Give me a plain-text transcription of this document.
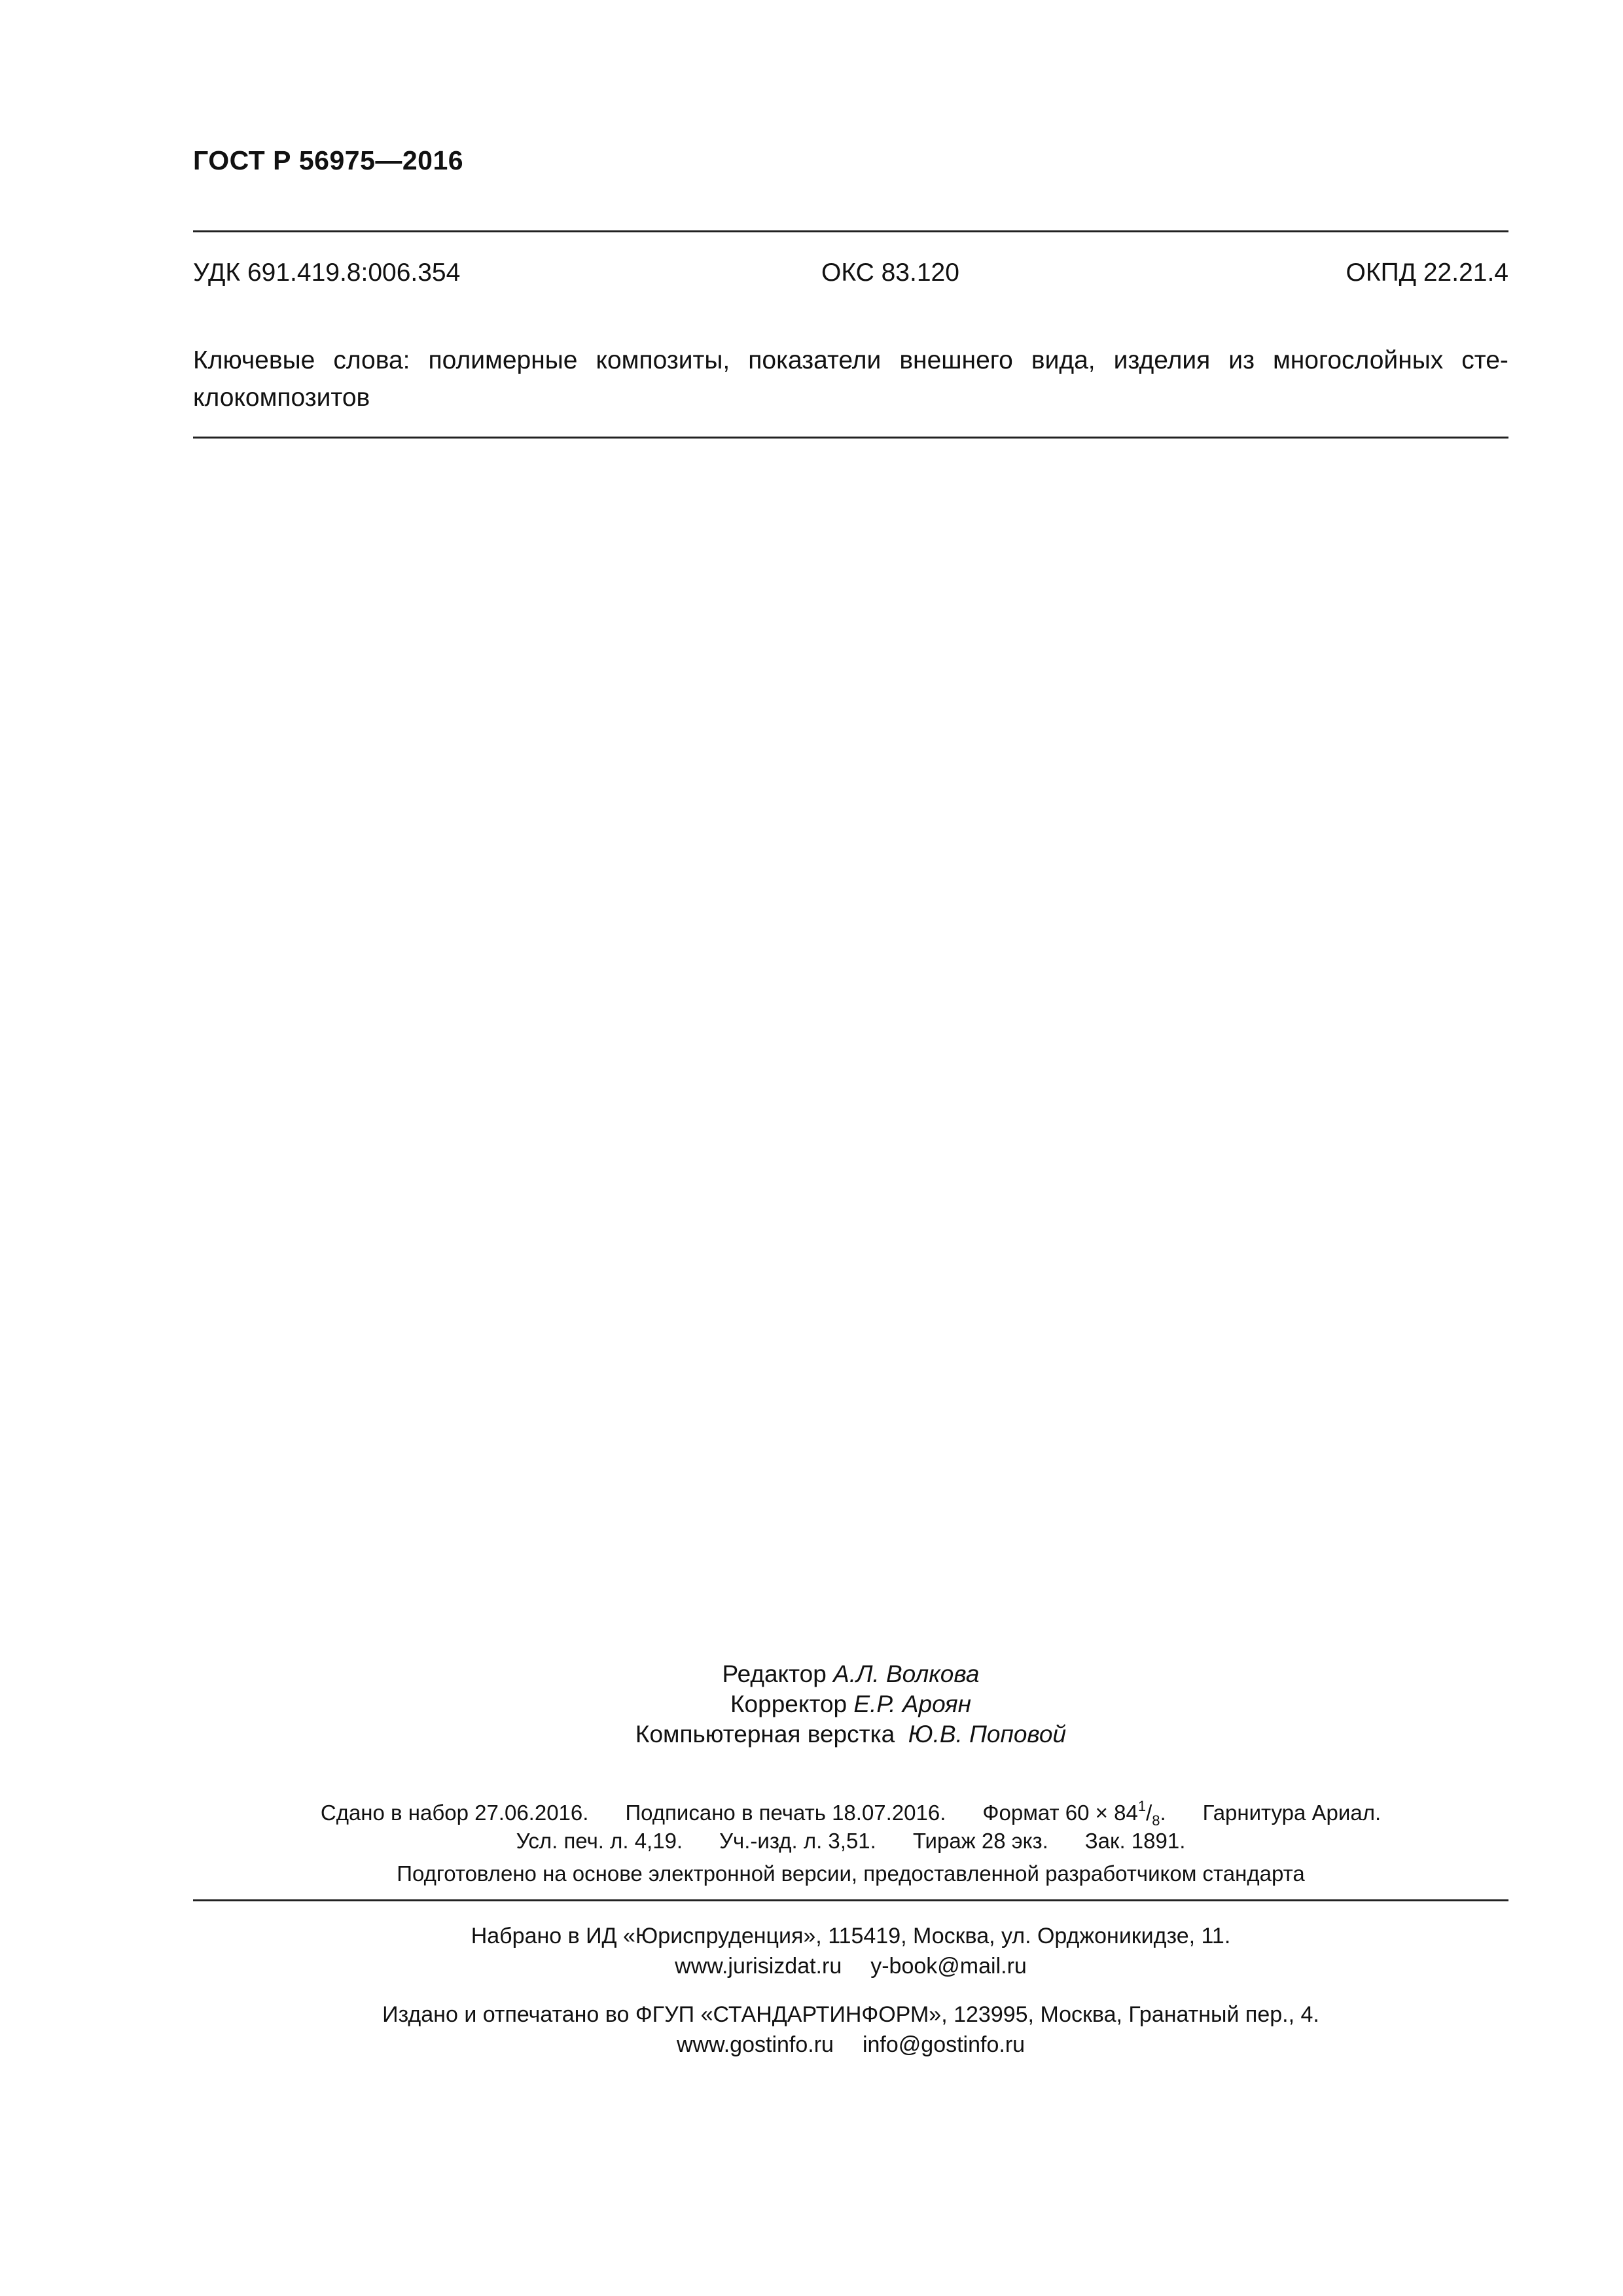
ГОСТ Р 56975—2016
УДК 691.419.8:006.354	ОКС 83.120	ОКПД 22.21.4
Ключевые слова: полимерные композиты, показатели внешнего вида, изделия из многослойных сте-
клокомпозитов
Редактор А.Л. Волкова
Корректор Е.Р. Ароян
Компьютерная верстка Ю.В. Поповой
Сдано в набор 27.06.2016. Подписано в печать 18.07.2016. Формат $60 \times 84^1/_8$. Гарнитура Ариал.
Усл. печ. л. 4,19. Уч.-изд. л. 3,51. Тираж 28 экз. Зак. 1891.
Подготовлено на основе электронной версии, предоставленной разработчиком стандарта
Набрано в ИД «Юриспруденция», 115419, Москва, ул. Орджоникидзе, 11.
www.jurisizdat.ru y-book@mail.ru
Издано и отпечатано во ФГУП «СТАНДАРТИНФОРМ», 123995, Москва, Гранатный пер., 4.
www.gostinfo.ru info@gostinfo.ru
